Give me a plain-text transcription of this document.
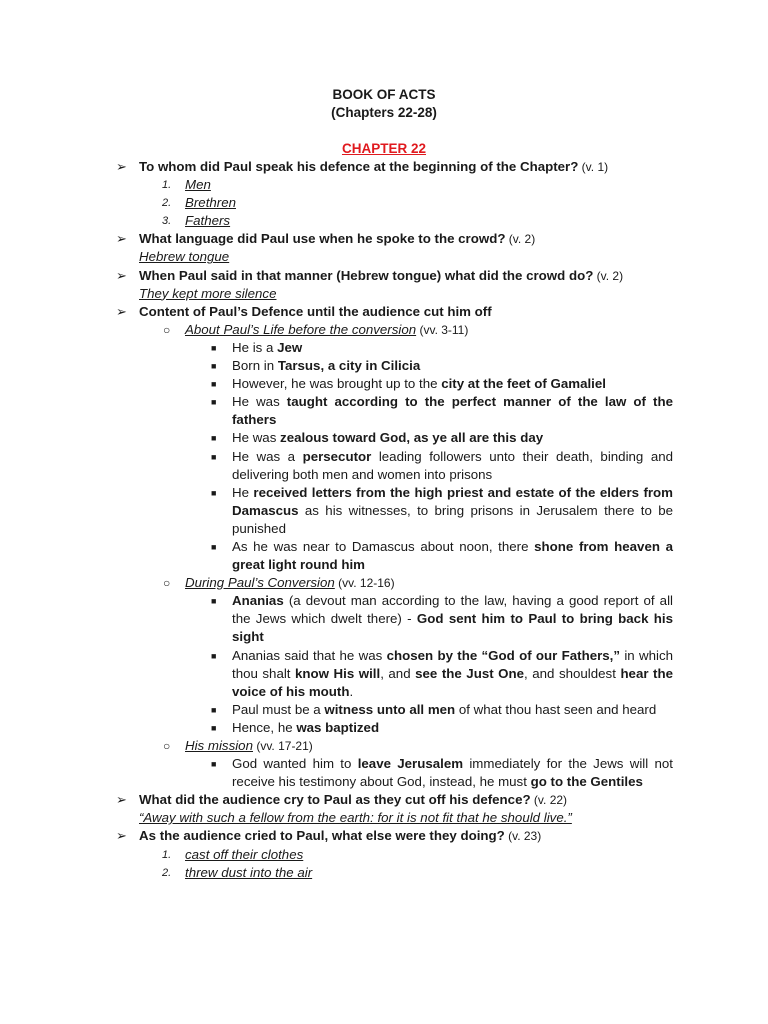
BOOK OF ACTS
(Chapters 22-28)
CHAPTER 22
➢ To whom did Paul speak his defence at the beginning of the Chapter? (v. 1)
1. Men
2. Brethren
3. Fathers
➢ What language did Paul use when he spoke to the crowd? (v. 2)
Hebrew tongue
➢ When Paul said in that manner (Hebrew tongue) what did the crowd do? (v. 2)
They kept more silence
➢ Content of Paul’s Defence until the audience cut him off
○ About Paul’s Life before the conversion (vv. 3-11)
■ He is a Jew
■ Born in Tarsus, a city in Cilicia
■ However, he was brought up to the city at the feet of Gamaliel
■ He was taught according to the perfect manner of the law of the fathers
■ He was zealous toward God, as ye all are this day
■ He was a persecutor leading followers unto their death, binding and delivering both men and women into prisons
■ He received letters from the high priest and estate of the elders from Damascus as his witnesses, to bring prisons in Jerusalem there to be punished
■ As he was near to Damascus about noon, there shone from heaven a great light round him
○ During Paul’s Conversion (vv. 12-16)
■ Ananias (a devout man according to the law, having a good report of all the Jews which dwelt there) - God sent him to Paul to bring back his sight
■ Ananias said that he was chosen by the “God of our Fathers,” in which thou shalt know His will, and see the Just One, and shouldest hear the voice of his mouth.
■ Paul must be a witness unto all men of what thou hast seen and heard
■ Hence, he was baptized
○ His mission (vv. 17-21)
■ God wanted him to leave Jerusalem immediately for the Jews will not receive his testimony about God, instead, he must go to the Gentiles
➢ What did the audience cry to Paul as they cut off his defence? (v. 22)
“Away with such a fellow from the earth: for it is not fit that he should live.”
➢ As the audience cried to Paul, what else were they doing? (v. 23)
1. cast off their clothes
2. threw dust into the air
